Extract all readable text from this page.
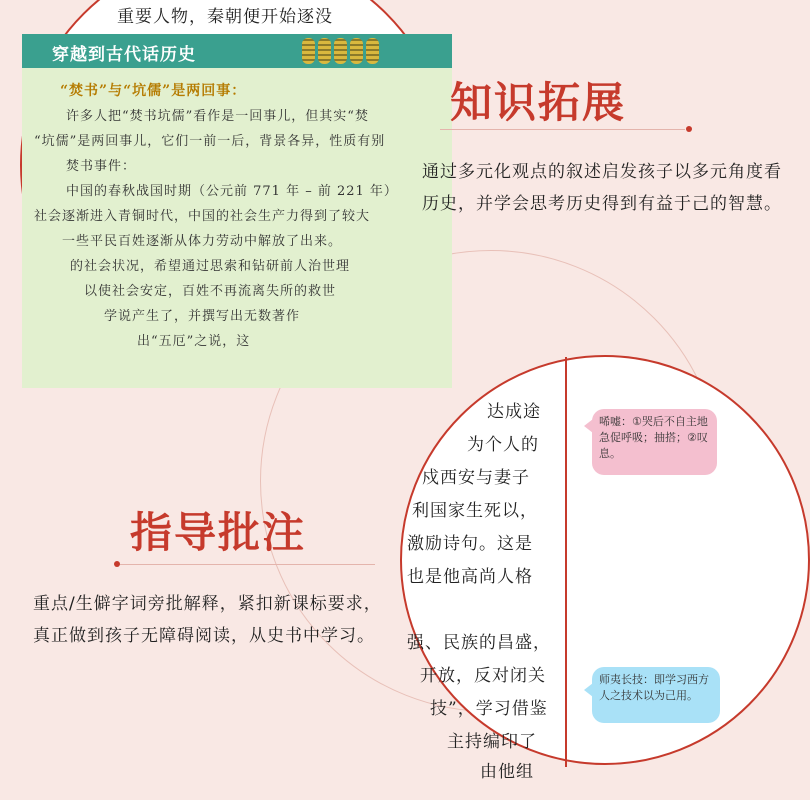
重要人物，秦朝便开始逐没
穿越到古代话历史
“焚书”与“坑儒”是两回事：
许多人把“焚书坑儒”看作是一回事儿，但其实“焚
“坑儒”是两回事儿，它们一前一后，背景各异，性质有别
焚书事件：
中国的春秋战国时期（公元前 771 年 – 前 221 年）
社会逐渐进入青铜时代，中国的社会生产力得到了较大
一些平民百姓逐渐从体力劳动中解放了出来。
的社会状况，希望通过思索和钻研前人治世理
以使社会安定，百姓不再流离失所的救世
学说产生了，并撰写出无数著作
出“五厄”之说，这
知识拓展
通过多元化观点的叙述启发孩子以多元角度看历史，并学会思考历史得到有益于己的智慧。
指导批注
重点/生僻字词旁批解释，紧扣新课标要求，真正做到孩子无障碍阅读，从史书中学习。
达成途
为个人的
戍西安与妻子
利国家生死以，
激励诗句。这是
也是他高尚人格
强、民族的昌盛，
开放，反对闭关
技”，学习借鉴
主持编印了
由他组
唏嘘：①哭后不自主地急促呼吸；抽搭；②叹息。
师夷长技：即学习西方人之技术以为己用。
